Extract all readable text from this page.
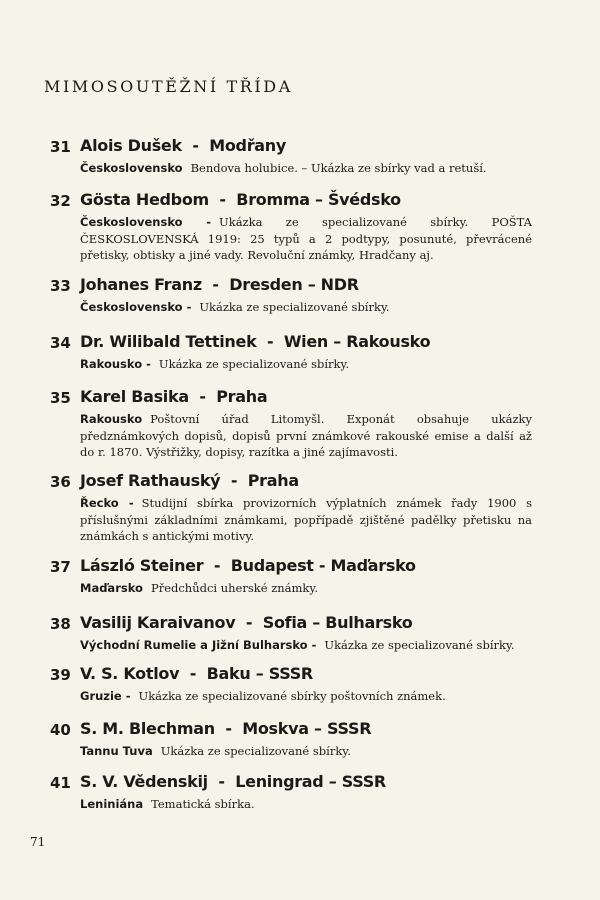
MIMOSOUTĚŽNÍ TŘÍDA
31 Alois Dušek  -  Modřany
Československo Bendova holubice. – Ukázka ze sbírky vad a retuší.
32 Gösta Hedbom  -  Bromma – Švédsko
Československo - Ukázka ze specializované sbírky. POŠTA ČESKOSLOVENSKÁ 1919: 25 typů a 2 podtypy, posunuté, převrácené přetisky, obtisky a jiné vady. Revoluční známky, Hradčany aj.
33 Johanes Franz  -  Dresden – NDR
Československo - Ukázka ze specializované sbírky.
34 Dr. Wilibald Tettinek  -  Wien – Rakousko
Rakousko - Ukázka ze specializované sbírky.
35 Karel Basika  -  Praha
Rakousko Poštovní úřad Litomyšl. Exponát obsahuje ukázky předznámkových dopisů, dopisů první známkové rakouské emise a další až do r. 1870. Výstřižky, dopisy, razítka a jiné zajímavosti.
36 Josef Rathauský  -  Praha
Řecko - Studijní sbírka provizorních výplatních známek řady 1900 s příslušnými základními známkami, popřípadě zjištěné padělky přetisku na známkách s antickými motivy.
37 László Steiner  -  Budapest - Maďarsko
Maďarsko Předchůdci uherské známky.
38 Vasilij Karaivanov  -  Sofia – Bulharsko
Východní Rumelie a Jižní Bulharsko - Ukázka ze specializované sbírky.
39 V. S. Kotlov  -  Baku – SSSR
Gruzie - Ukázka ze specializované sbírky poštovních známek.
40 S. M. Blechman  -  Moskva – SSSR
Tannu Tuva Ukázka ze specializované sbírky.
41 S. V. Vědenskij  -  Leningrad – SSSR
Leniniána Tematická sbírka.
71
